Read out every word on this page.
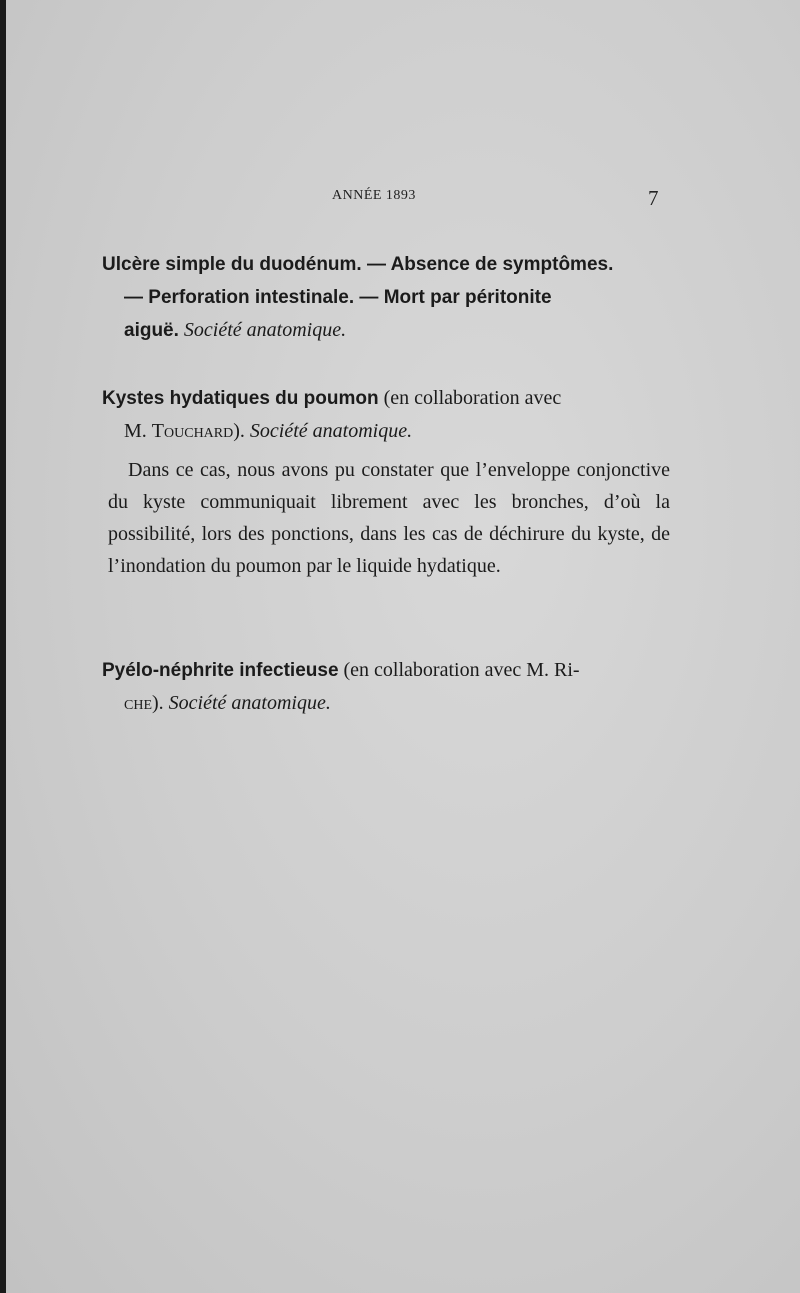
ANNÉE 1893	7
Ulcère simple du duodénum. — Absence de symptômes.
— Perforation intestinale. — Mort par péritonite
aiguë. Société anatomique.
Kystes hydatiques du poumon (en collaboration avec
M. Touchard). Société anatomique.
Dans ce cas, nous avons pu constater que l’enveloppe conjonctive du kyste communiquait librement avec les bronches, d’où la possibilité, lors des ponctions, dans les cas de déchirure du kyste, de l’inondation du poumon par le liquide hydatique.
Pyélo-néphrite infectieuse (en collaboration avec M. Ri-
che). Société anatomique.
